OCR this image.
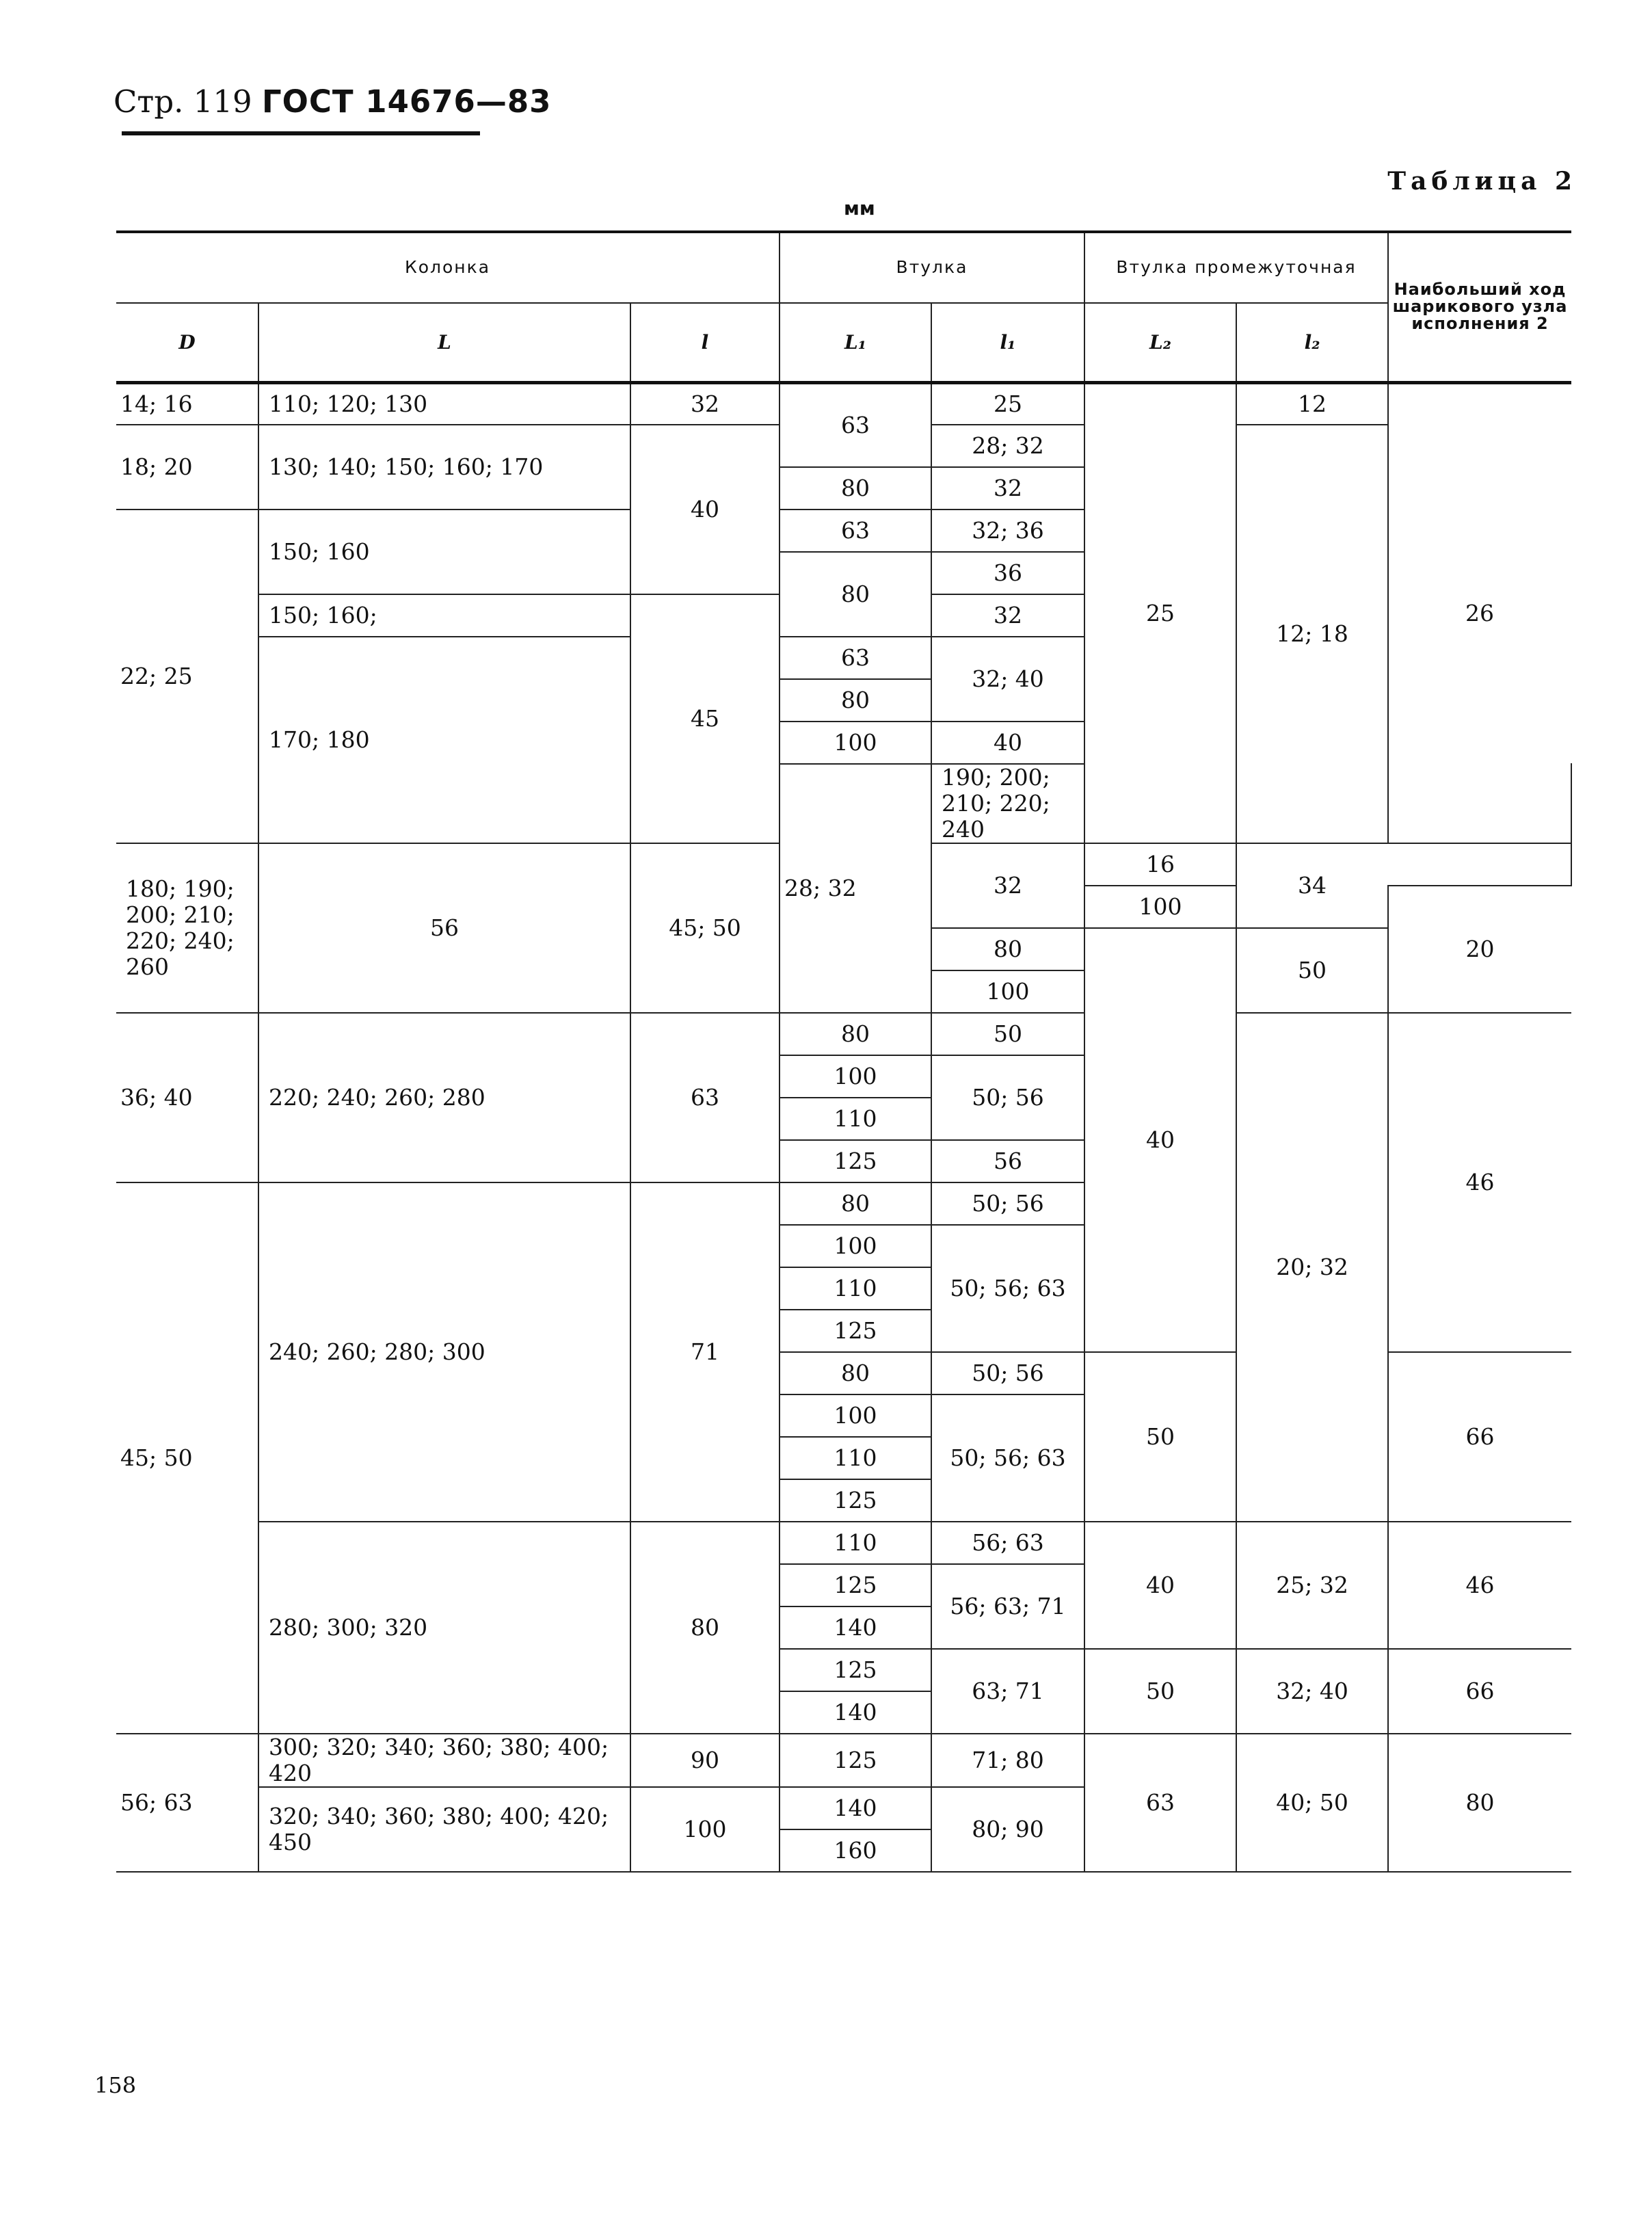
Стр. 119 ГОСТ 14676—83
Таблица 2
мм
Колонка			Втулка		Втулка промежуточная		Наибольший ход шарикового узла исполнения 2	
D	L	l	L₁	l₁	L₂	l₂		
14; 16	110; 120; 130	32	63	25	25	12	26	
18; 20	130; 140; 150; 160; 170	40		28; 32		12; 18		
			80	32				
22; 25	150; 160		63	32; 36				
			80	36				
	150; 160;	45		32				
	170; 180		63	32; 40				
			80					
			100	40				
			28; 32	190; 200; 210; 220; 240				
180; 190; 200; 210; 220; 240; 260	56	45; 50		32	16	34		
					100		20	
				80	40	50		
				100				
36; 40	220; 240; 260; 280	63	80	50		20; 32	46	
			100	50; 56				
			110					
			125	56				
45; 50	240; 260; 280; 300	71	80	50; 56				
			100	50; 56; 63				
			110					
			125					
			80	50; 56	50		66	
			100	50; 56; 63				
			110					
			125					
	280; 300; 320	80	110	56; 63	40	25; 32	46	
			125	56; 63; 71				
			140					
			125	63; 71	50	32; 40	66	
			140					
56; 63	300; 320; 340; 360; 380; 400; 420	90	125	71; 80	63	40; 50	80	
	320; 340; 360; 380; 400; 420; 450	100	140	80; 90				
			160					
158
